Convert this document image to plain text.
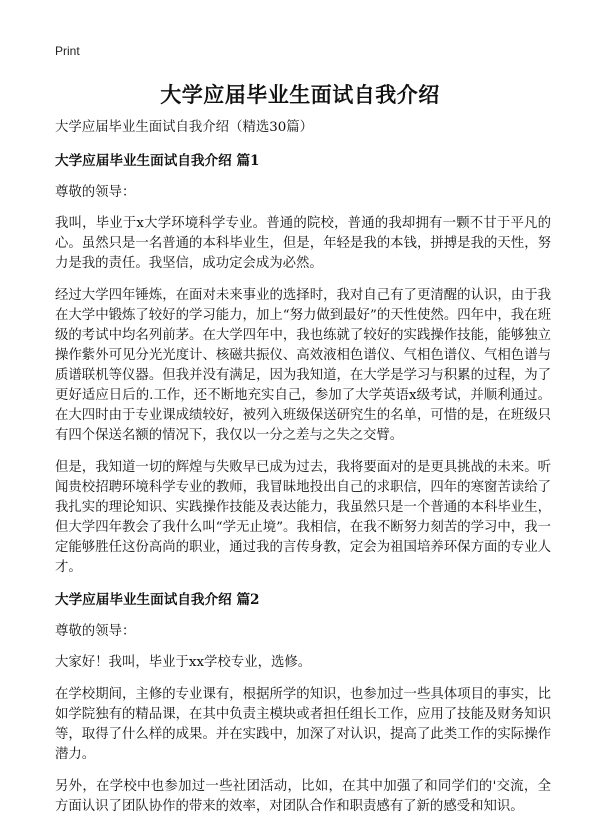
Print
大学应届毕业生面试自我介绍

大学应届毕业生面试自我介绍（精选30篇）

大学应届毕业生面试自我介绍 篇1

尊敬的领导：

我叫，毕业于x大学环境科学专业。普通的院校，普通的我却拥有一颗不甘于平凡的心。虽然只是一名普通的本科毕业生，但是，年轻是我的本钱，拼搏是我的天性，努力是我的责任。我坚信，成功定会成为必然。

经过大学四年锤炼，在面对未来事业的选择时，我对自己有了更清醒的认识，由于我在大学中锻炼了较好的学习能力，加上“努力做到最好”的天性使然。四年中，我在班级的考试中均名列前茅。在大学四年中，我也练就了较好的实践操作技能，能够独立操作紫外可见分光光度计、核磁共振仪、高效液相色谱仪、气相色谱仪、气相色谱与质谱联机等仪器。但我并没有满足，因为我知道，在大学是学习与积累的过程，为了更好适应日后的.工作，还不断地充实自己，参加了大学英语x级考试，并顺利通过。在大四时由于专业课成绩较好，被列入班级保送研究生的名单，可惜的是，在班级只有四个保送名额的情况下，我仅以一分之差与之失之交臂。

但是，我知道一切的辉煌与失败早已成为过去，我将要面对的是更具挑战的未来。听闻贵校招聘环境科学专业的教师，我冒昧地投出自己的求职信，四年的寒窗苦读给了我扎实的理论知识、实践操作技能及表达能力，我虽然只是一个普通的本科毕业生，但大学四年教会了我什么叫“学无止境”。我相信，在我不断努力刻苦的学习中，我一定能够胜任这份高尚的职业，通过我的言传身教，定会为祖国培养环保方面的专业人才。

大学应届毕业生面试自我介绍 篇2

尊敬的领导：

大家好！我叫，毕业于xx学校专业，选修。

在学校期间，主修的专业课有，根据所学的知识，也参加过一些具体项目的事实，比如学院独有的精品课，在其中负责主模块或者担任组长工作，应用了技能及财务知识等，取得了什么样的成果。并在实践中，加深了对认识，提高了此类工作的实际操作潜力。

另外，在学校中也参加过一些社团活动，比如，在其中加强了和同学们的'交流，全方面认识了团队协作的带来的效率，对团队合作和职责感有了新的感受和知识。
